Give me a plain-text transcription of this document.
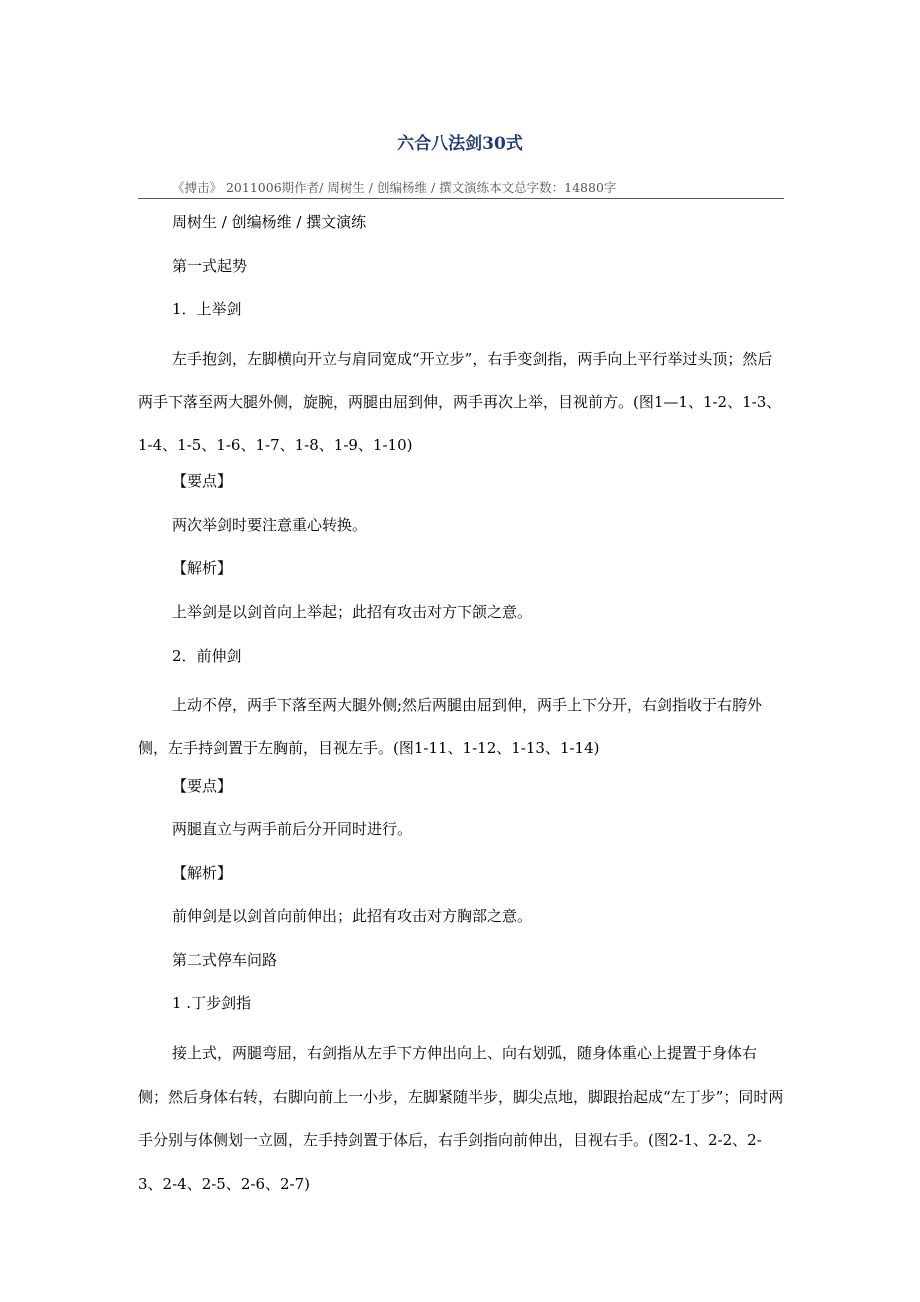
六合八法剑30式
《搏击》 2011006期作者/ 周树生 / 创编杨维 / 撰文演练本文总字数：14880字

周树生 / 创编杨维 / 撰文演练

第一式起势

1．上举剑

左手抱剑，左脚横向开立与肩同宽成“开立步”，右手变剑指，两手向上平行举过头顶；然后两手下落至两大腿外侧，旋腕，两腿由屈到伸，两手再次上举，目视前方。(图1—1、1-2、1-3、1-4、1-5、1-6、1-7、1-8、1-9、1-10)

【要点】

两次举剑时要注意重心转换。

【解析】

上举剑是以剑首向上举起；此招有攻击对方下颌之意。

2．前伸剑

上动不停，两手下落至两大腿外侧;然后两腿由屈到伸，两手上下分开，右剑指收于右胯外侧，左手持剑置于左胸前，目视左手。(图1-11、1-12、1-13、1-14)

【要点】

两腿直立与两手前后分开同时进行。

【解析】

前伸剑是以剑首向前伸出；此招有攻击对方胸部之意。

第二式停车问路

1 .丁步剑指

接上式，两腿弯屈，右剑指从左手下方伸出向上、向右划弧，随身体重心上提置于身体右侧；然后身体右转，右脚向前上一小步，左脚紧随半步，脚尖点地，脚跟抬起成“左丁步”；同时两手分别与体侧划一立圆，左手持剑置于体后，右手剑指向前伸出，目视右手。(图2-1、2-2、2-3、2-4、2-5、2-6、2-7)
